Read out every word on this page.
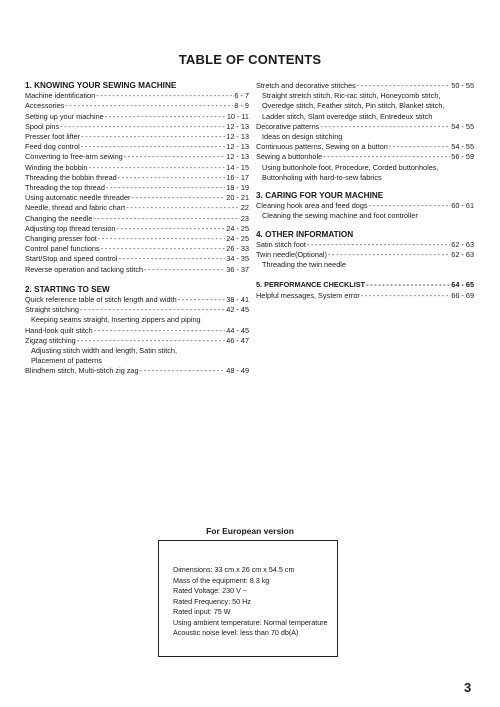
TABLE OF CONTENTS
1. KNOWING YOUR SEWING MACHINE
Machine identification - - -	6 - 7
Accessories - - -	8 - 9
Setting up your machine - - -	10 - 11
Spool pins - - -	12 - 13
Presser foot lifter - - -	12 - 13
Feed dog control - - -	12 - 13
Converting to free-arm sewing - - -	12 - 13
Winding the bobbin - - -	14 - 15
Threading the bobbin thread - - -	16 - 17
Threading the top thread - - -	18 - 19
Using automatic needle threader - - -	20 - 21
Needle, thread and fabric chart - - -	22
Changing the needle - - -	23
Adjusting top thread tension - - -	24 - 25
Changing presser foot - - -	24 - 25
Control panel functions - - -	26 - 33
Start/Stop and speed control - - -	34 - 35
Reverse operation and tacking stitch - - -	36 - 37
2. STARTING TO SEW
Quick reference table of stitch length and width - - -	38 - 41
Straight stitching - - -	42 - 45
Keeping seams straight, Inserting zippers and piping
Hand-look quilt stitch - - -	44 - 45
Zigzag stitching - - -	46 - 47
Adjusting stitch width and length, Satin stitch,
Placement of patterns
Blindhem stitch, Multi-stitch zig zag - - -	48 - 49
Stretch and decorative stitches - - -	50 - 55
Straight stretch stitch, Ric-rac stitch, Honeycomb stitch,
Overedge stitch, Feather stitch, Pin stitch, Blanket stitch,
Ladder stitch, Slant overedge stitch, Entredeux stitch
Decorative patterns - - -	54 - 55
Ideas on design stitching
Continuous patterns, Sewing on a button - - -	54 - 55
Sewing a buttonhole - - -	56 - 59
Using buttonhole foot, Procedure, Corded buttonholes,
Buttonholing with hard-to-sew fabrics
3. CARING FOR YOUR MACHINE
Cleaning hook area and feed dogs - - -	60 - 61
Cleaning the sewing machine and foot controller
4. OTHER INFORMATION
Satin stitch foot - - -	62 - 63
Twin needle(Optional) - - -	62 - 63
Threading the twin needle
5. PERFORMANCE CHECKLIST - - -	64 - 65
Helpful messages, System error - - -	66 - 69
For European version
Dimensions: 33 cm x 26 cm x 54.5 cm
Mass of the equipment: 8.3 kg
Rated Voltage: 230 V ~
Rated Frequency: 50 Hz
Rated input: 75 W
Using ambient temperature: Normal temperature
Acoustic noise level: less than 70 db(A)
3
